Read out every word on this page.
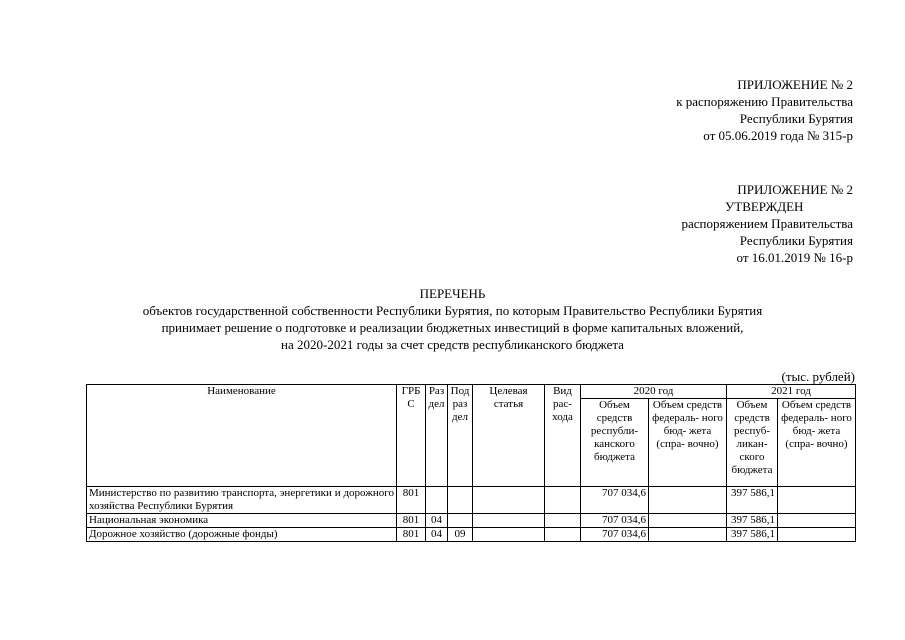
ПРИЛОЖЕНИЕ № 2
к распоряжению Правительства
Республики Бурятия
от 05.06.2019 года № 315-р
ПРИЛОЖЕНИЕ № 2
УТВЕРЖДЕН
распоряжением Правительства
Республики Бурятия
от 16.01.2019 № 16-р
ПЕРЕЧЕНЬ
объектов государственной собственности Республики Бурятия, по которым Правительство Республики Бурятия
принимает решение о подготовке и реализации бюджетных инвестиций в форме капитальных вложений,
на 2020-2021 годы за счет средств республиканского бюджета
(тыс. рублей)
Наименование	ГРБ С	Раз дел	Под раз дел	Целевая статья	Вид рас- хода	2020 год		2021 год	
						Объем средств республи- канского бюджета	Объем средств федераль- ного бюд- жета (спра- вочно)	Объем средств респуб- ликан- ского бюджета	Объем средств федераль- ного бюд- жета (спра- вочно)
Министерство по развитию транспорта, энергетики и дорожного хозяйства Республики Бурятия	801					707 034,6		397 586,1	
Национальная экономика	801	04				707 034,6		397 586,1	
Дорожное хозяйство (дорожные фонды)	801	04	09			707 034,6		397 586,1	
